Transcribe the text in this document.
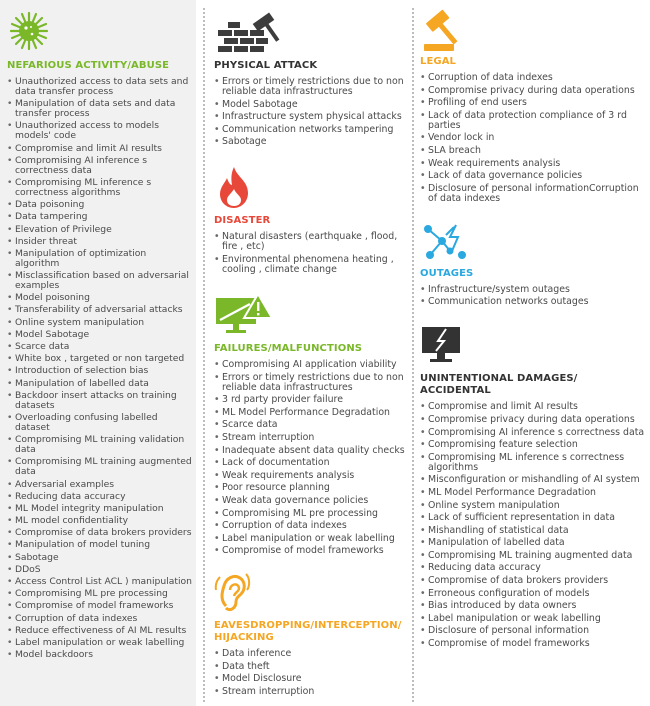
NEFARIOUS ACTIVITY/ABUSE
• Unauthorized access to data sets and data transfer process
• Manipulation of data sets and data transfer process
• Unauthorized access to models models' code
• Compromise and limit AI results
• Compromising AI inference s correctness data
• Compromising ML inference s correctness algorithms
• Data poisoning
• Data tampering
• Elevation of Privilege
• Insider threat
• Manipulation of optimization algorithm
• Misclassification based on adversarial examples
• Model poisoning
• Transferability of adversarial attacks
• Online system manipulation
• Model Sabotage
• Scarce data
• White box , targeted or non targeted
• Introduction of selection bias
• Manipulation of labelled data
• Backdoor insert attacks on training datasets
• Overloading confusing labelled dataset
• Compromising ML training validation data
• Compromising ML training augmented data
• Adversarial examples
• Reducing data accuracy
• ML Model integrity manipulation
• ML model confidentiality
• Compromise of data brokers providers
• Manipulation of model tuning
• Sabotage
• DDoS
• Access Control List ACL ) manipulation
• Compromising ML pre processing
• Compromise of model frameworks
• Corruption of data indexes
• Reduce effectiveness of AI ML results
• Label manipulation or weak labelling
• Model backdoors
PHYSICAL ATTACK
• Errors or timely restrictions due to non reliable data infrastructures
• Model Sabotage
• Infrastructure system physical attacks
• Communication networks tampering
• Sabotage
DISASTER
• Natural disasters (earthquake , flood, fire , etc)
• Environmental phenomena heating , cooling , climate change
FAILURES/MALFUNCTIONS
• Compromising AI application viability
• Errors or timely restrictions due to non reliable data infrastructures
• 3 rd party provider failure
• ML Model Performance Degradation
• Scarce data
• Stream interruption
• Inadequate absent data quality checks
• Lack of documentation
• Weak requirements analysis
• Poor resource planning
• Weak data governance policies
• Compromising ML pre processing
• Corruption of data indexes
• Label manipulation or weak labelling
• Compromise of model frameworks
EAVESDROPPING/INTERCEPTION/ HIJACKING
• Data inference
• Data theft
• Model Disclosure
• Stream interruption
LEGAL
• Corruption of data indexes
• Compromise privacy during data operations
• Profiling of end users
• Lack of data protection compliance of 3 rd parties
• Vendor lock in
• SLA breach
• Weak requirements analysis
• Lack of data governance policies
• Disclosure of personal informationCorruption of data indexes
OUTAGES
• Infrastructure/system outages
• Communication networks outages
UNINTENTIONAL DAMAGES/ ACCIDENTAL
• Compromise and limit AI results
• Compromise privacy during data operations
• Compromising AI inference s correctness data
• Compromising feature selection
• Compromising ML inference s correctness algorithms
• Misconfiguration or mishandling of AI system
• ML Model Performance Degradation
• Online system manipulation
• Lack of sufficient representation in data
• Mishandling of statistical data
• Manipulation of labelled data
• Compromising ML training augmented data
• Reducing data accuracy
• Compromise of data brokers providers
• Erroneous configuration of models
• Bias introduced by data owners
• Label manipulation or weak labelling
• Disclosure of personal information
• Compromise of model frameworks
